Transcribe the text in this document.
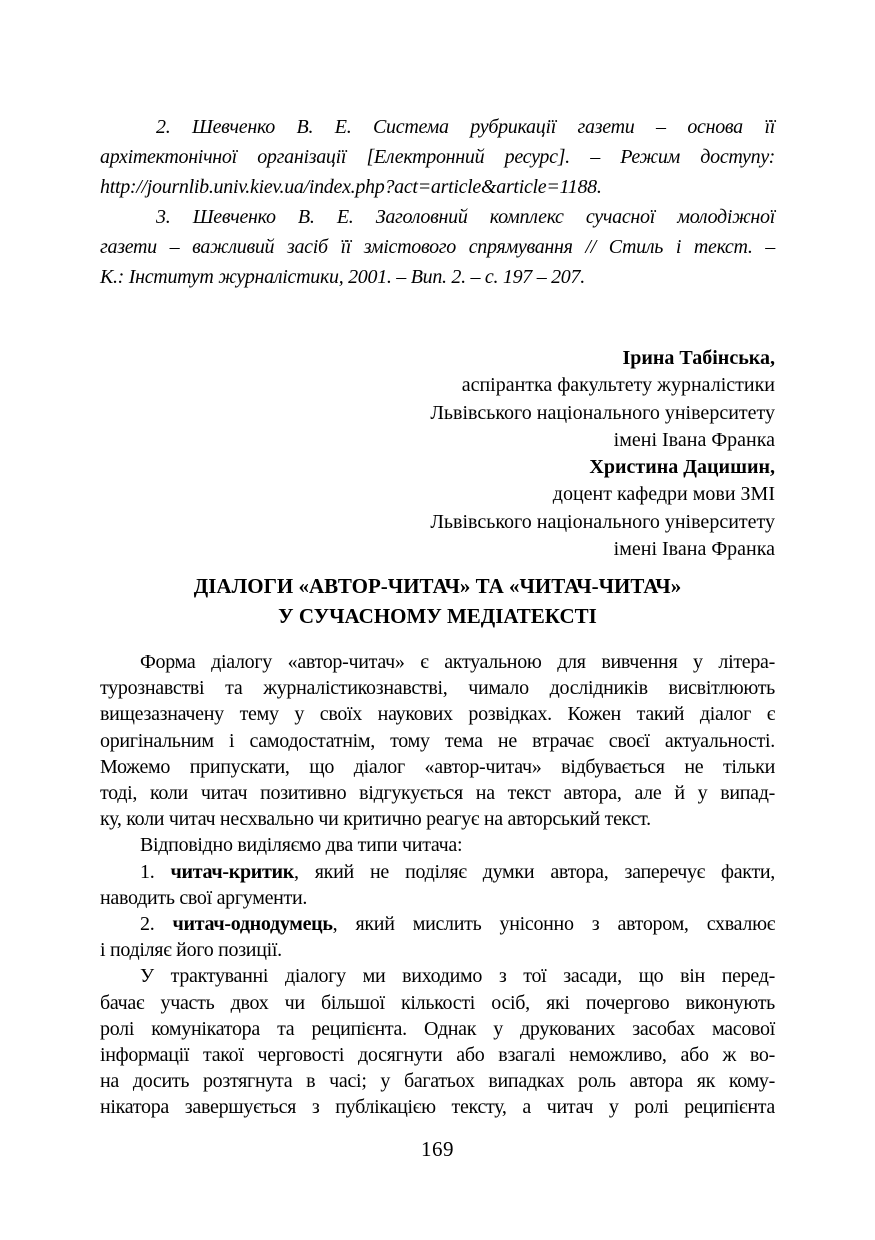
2. Шевченко В. Е. Система рубрикації газети – основа її
архітектонічної організації [Електронний ресурс]. – Режим доступу:
http://journlib.univ.kiev.ua/index.php?act=article&article=1188.
3. Шевченко В. Е. Заголовний комплекс сучасної молодіжної
газети – важливий засіб її змістового спрямування // Стиль і текст. –
К.: Інститут журналістики, 2001. – Вип. 2. – с. 197 – 207.
Ірина Табінська,
аспірантка факультету журналістики
Львівського національного університету
імені Івана Франка
Христина Дацишин,
доцент кафедри мови ЗМІ
Львівського національного університету
імені Івана Франка
ДІАЛОГИ «АВТОР-ЧИТАЧ» ТА «ЧИТАЧ-ЧИТАЧ»
У СУЧАСНОМУ МЕДІАТЕКСТІ
Форма діалогу «автор-читач» є актуальною для вивчення у літера-
турознавстві та журналістикознавстві, чимало дослідників висвітлюють
вищезазначену тему у своїх наукових розвідках. Кожен такий діалог є
оригінальним і самодостатнім, тому тема не втрачає своєї актуальності.
Можемо припускати, що діалог «автор-читач» відбувається не тільки
тоді, коли читач позитивно відгукується на текст автора, але й у випад-
ку, коли читач несхвально чи критично реагує на авторський текст.
Відповідно виділяємо два типи читача:
1. читач-критик, який не поділяє думки автора, заперечує факти,
наводить свої аргументи.
2. читач-однодумець, який мислить унісонно з автором, схвалює
і поділяє його позиції.
У трактуванні діалогу ми виходимо з тої засади, що він перед-
бачає участь двох чи більшої кількості осіб, які почергово виконують
ролі комунікатора та реципієнта. Однак у друкованих засобах масової
інформації такої черговості досягнути або взагалі неможливо, або ж во-
на досить розтягнута в часі; у багатьох випадках роль автора як кому-
нікатора завершується з публікацією тексту, а читач у ролі реципієнта
169
